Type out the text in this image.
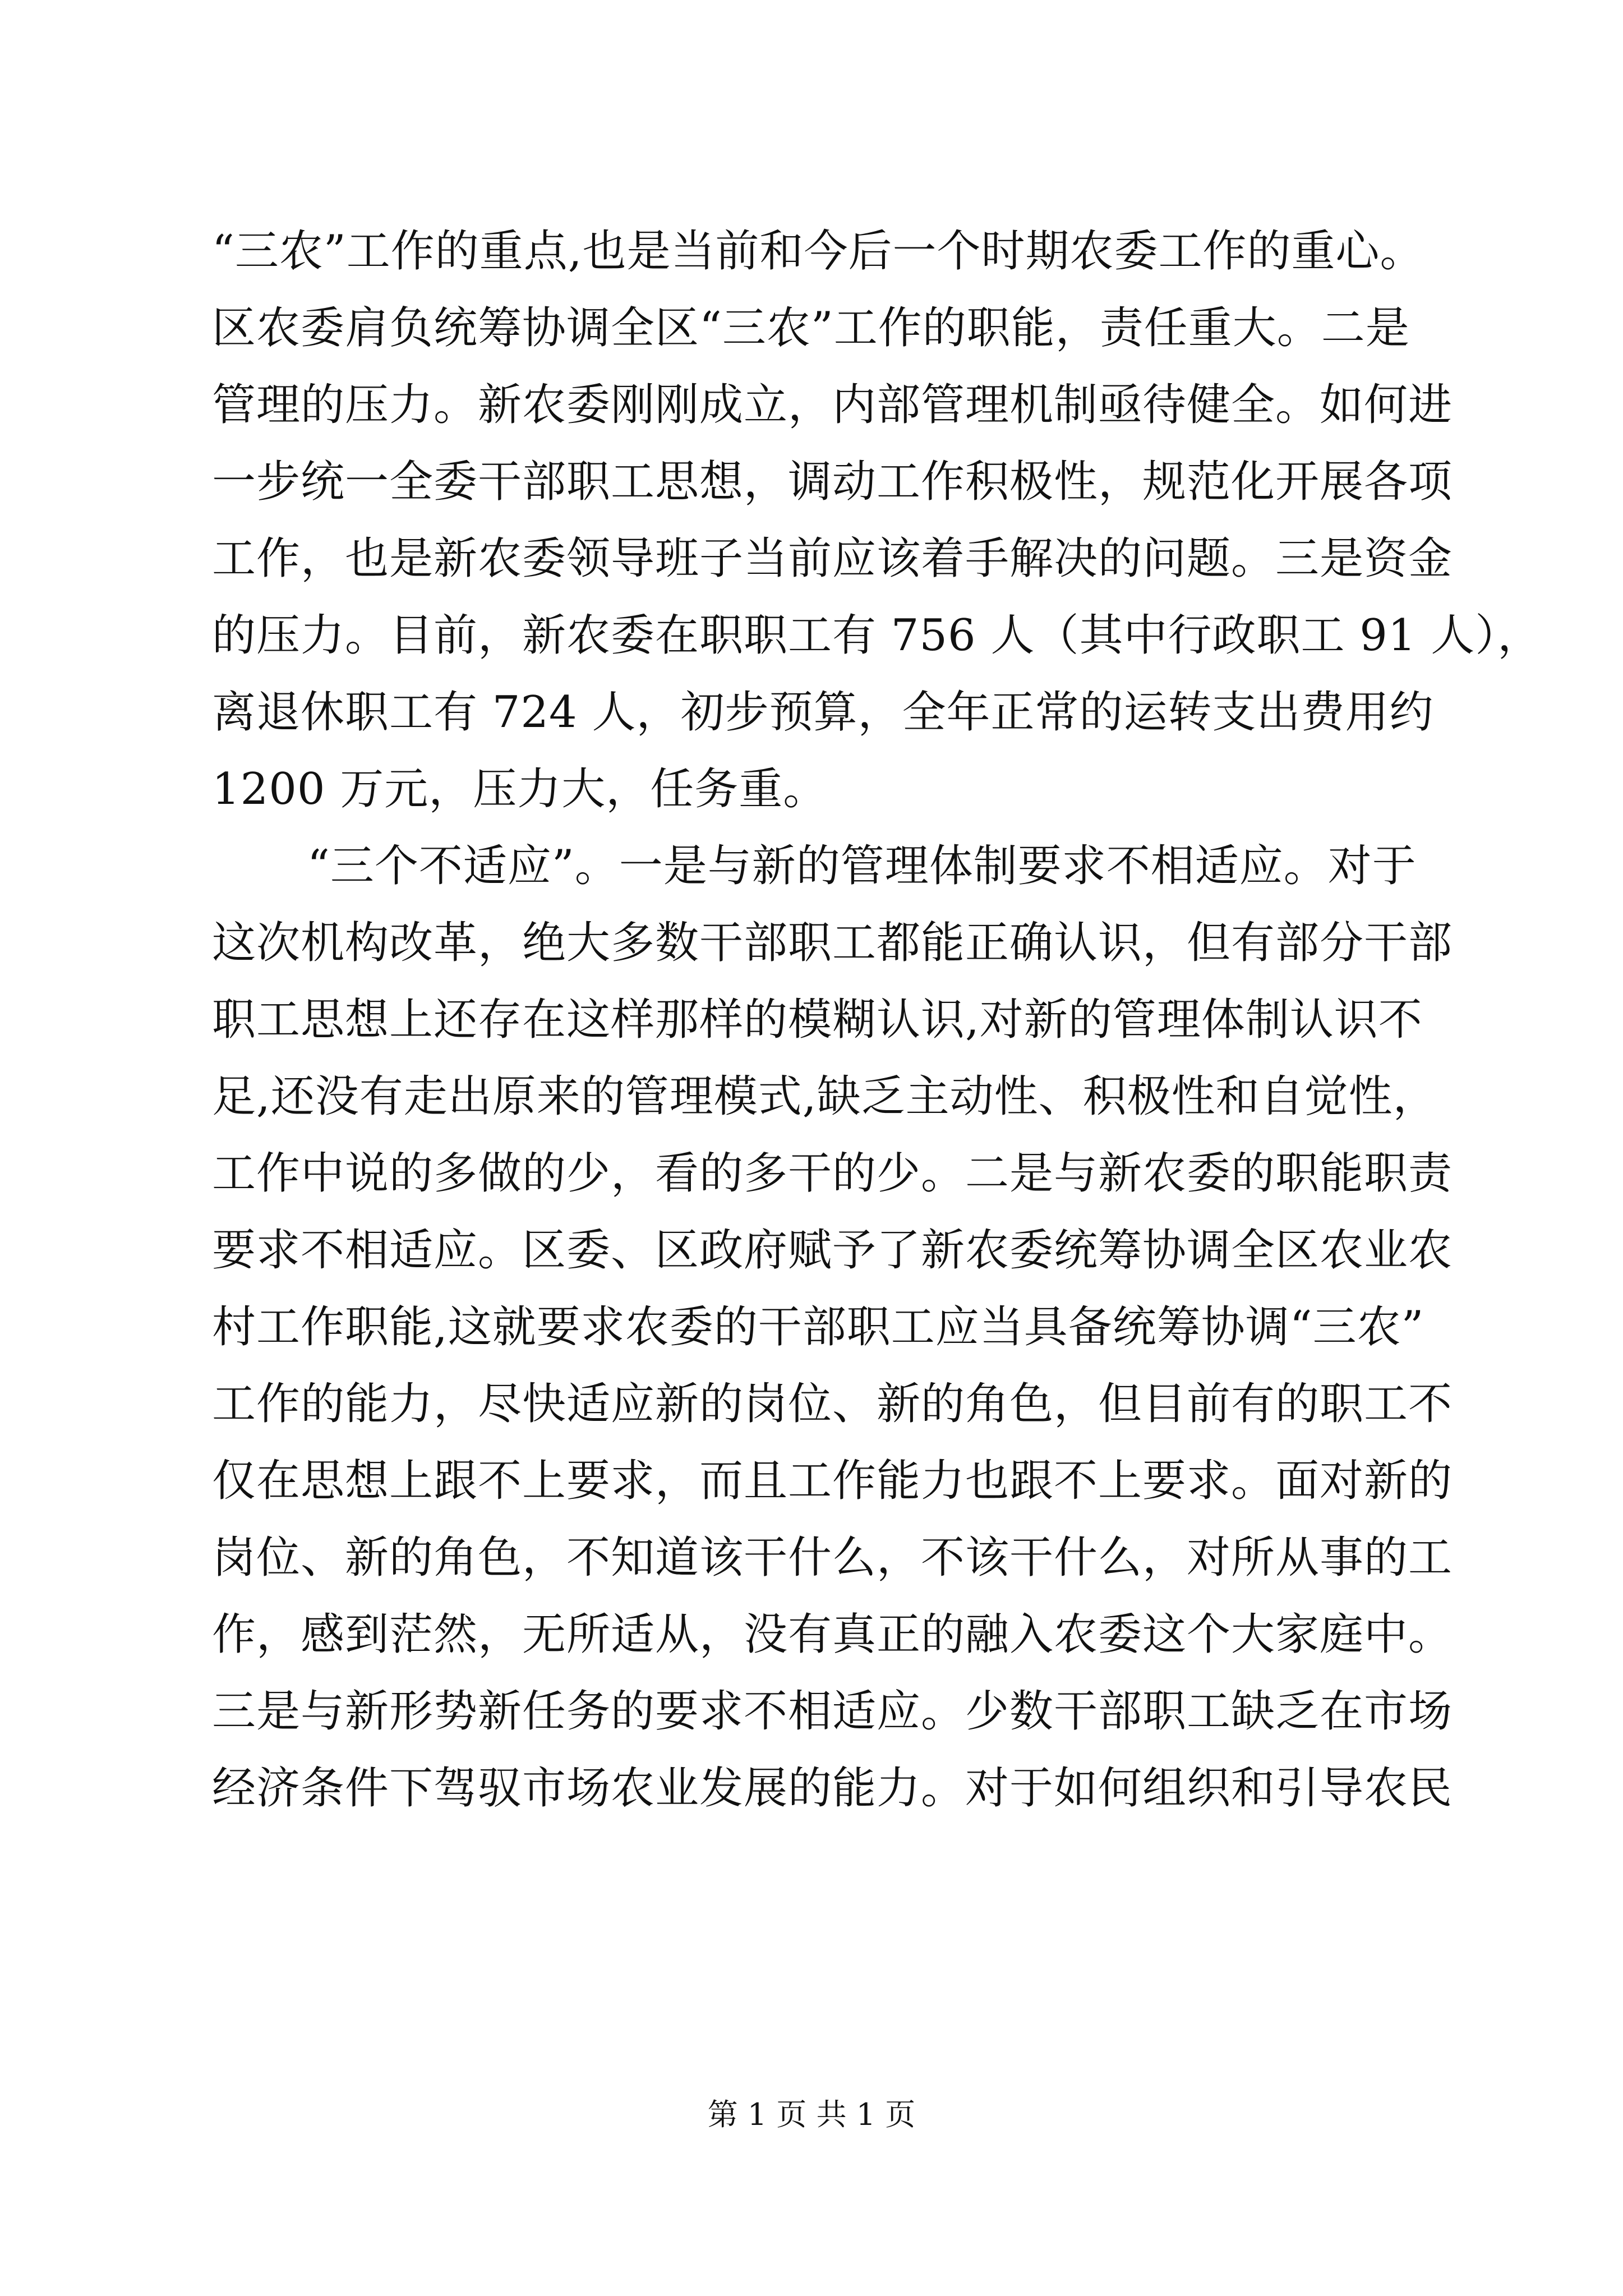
“三农”工作的重点,也是当前和今后一个时期农委工作的重心。
区农委肩负统筹协调全区“三农”工作的职能，责任重大。二是
管理的压力。新农委刚刚成立，内部管理机制亟待健全。如何进
一步统一全委干部职工思想，调动工作积极性，规范化开展各项
工作，也是新农委领导班子当前应该着手解决的问题。三是资金
的压力。目前，新农委在职职工有 756 人（其中行政职工 91 人），
离退休职工有 724 人，初步预算，全年正常的运转支出费用约
1200 万元，压力大，任务重。
“三个不适应”。一是与新的管理体制要求不相适应。对于
这次机构改革，绝大多数干部职工都能正确认识，但有部分干部
职工思想上还存在这样那样的模糊认识,对新的管理体制认识不
足,还没有走出原来的管理模式,缺乏主动性、积极性和自觉性，
工作中说的多做的少，看的多干的少。二是与新农委的职能职责
要求不相适应。区委、区政府赋予了新农委统筹协调全区农业农
村工作职能,这就要求农委的干部职工应当具备统筹协调“三农”
工作的能力，尽快适应新的岗位、新的角色，但目前有的职工不
仅在思想上跟不上要求，而且工作能力也跟不上要求。面对新的
岗位、新的角色，不知道该干什么，不该干什么，对所从事的工
作，感到茫然，无所适从，没有真正的融入农委这个大家庭中。
三是与新形势新任务的要求不相适应。少数干部职工缺乏在市场
经济条件下驾驭市场农业发展的能力。对于如何组织和引导农民
第 1 页 共 1 页
